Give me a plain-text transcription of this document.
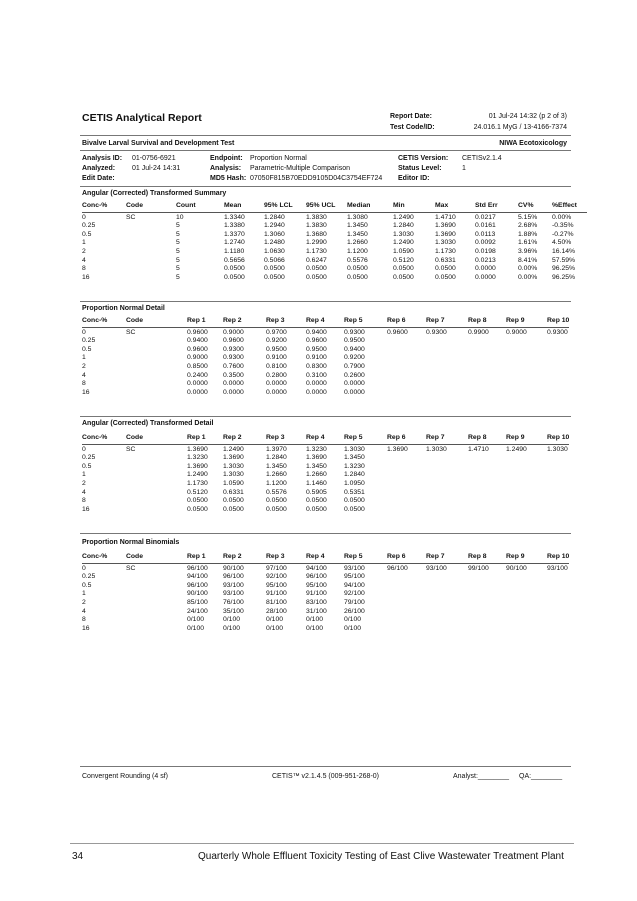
CETIS Analytical Report	Report Date:	01 Jul-24 14:32 (p 2 of 3)
Test Code/ID:	24.016.1 MyG / 13-4166-7374
Bivalve Larval Survival and Development Test	NIWA Ecotoxicology
Analysis ID: 01-0756-6921
Analyzed: 01 Jul-24 14:31
Edit Date:
Endpoint: Proportion Normal
Analysis: Parametric-Multiple Comparison
MD5 Hash: 07050F815B70EDD9105D04C3754EF724
CETIS Version: CETISv2.1.4
Status Level:	1
Editor ID:
Angular (Corrected) Transformed Summary
Conc-%	Code	Count	Mean	95% LCL	95% UCL	Median	Min	Max	Std Err	CV%	%Effect
0	SC	10	1.3340	1.2840	1.3830	1.3080	1.2490	1.4710	0.0217	5.15%	0.00%
0.25		5	1.3380	1.2940	1.3830	1.3450	1.2840	1.3690	0.0161	2.68%	-0.35%
0.5		5	1.3370	1.3060	1.3680	1.3450	1.3030	1.3690	0.0113	1.88%	-0.27%
1		5	1.2740	1.2480	1.2990	1.2660	1.2490	1.3030	0.0092	1.61%	4.50%
2		5	1.1180	1.0630	1.1730	1.1200	1.0590	1.1730	0.0198	3.96%	16.14%
4		5	0.5656	0.5066	0.6247	0.5576	0.5120	0.6331	0.0213	8.41%	57.59%
8		5	0.0500	0.0500	0.0500	0.0500	0.0500	0.0500	0.0000	0.00%	96.25%
16		5	0.0500	0.0500	0.0500	0.0500	0.0500	0.0500	0.0000	0.00%	96.25%
Proportion Normal Detail
Conc-%	Code	Rep 1	Rep 2	Rep 3	Rep 4	Rep 5	Rep 6	Rep 7	Rep 8	Rep 9	Rep 10
0	SC	0.9600	0.9000	0.9700	0.9400	0.9300	0.9600	0.9300	0.9900	0.9000	0.9300
0.25		0.9400	0.9600	0.9200	0.9600	0.9500					
0.5		0.9600	0.9300	0.9500	0.9500	0.9400					
1		0.9000	0.9300	0.9100	0.9100	0.9200					
2		0.8500	0.7600	0.8100	0.8300	0.7900					
4		0.2400	0.3500	0.2800	0.3100	0.2600					
8		0.0000	0.0000	0.0000	0.0000	0.0000					
16		0.0000	0.0000	0.0000	0.0000	0.0000					
Angular (Corrected) Transformed Detail
Conc-%	Code	Rep 1	Rep 2	Rep 3	Rep 4	Rep 5	Rep 6	Rep 7	Rep 8	Rep 9	Rep 10
0	SC	1.3690	1.2490	1.3970	1.3230	1.3030	1.3690	1.3030	1.4710	1.2490	1.3030
0.25		1.3230	1.3690	1.2840	1.3690	1.3450					
0.5		1.3690	1.3030	1.3450	1.3450	1.3230					
1		1.2490	1.3030	1.2660	1.2660	1.2840					
2		1.1730	1.0590	1.1200	1.1460	1.0950					
4		0.5120	0.6331	0.5576	0.5905	0.5351					
8		0.0500	0.0500	0.0500	0.0500	0.0500					
16		0.0500	0.0500	0.0500	0.0500	0.0500					
Proportion Normal Binomials
Conc-%	Code	Rep 1	Rep 2	Rep 3	Rep 4	Rep 5	Rep 6	Rep 7	Rep 8	Rep 9	Rep 10
0	SC	96/100	90/100	97/100	94/100	93/100	96/100	93/100	99/100	90/100	93/100
0.25		94/100	96/100	92/100	96/100	95/100					
0.5		96/100	93/100	95/100	95/100	94/100					
1		90/100	93/100	91/100	91/100	92/100					
2		85/100	76/100	81/100	83/100	79/100					
4		24/100	35/100	28/100	31/100	26/100					
8		0/100	0/100	0/100	0/100	0/100					
16		0/100	0/100	0/100	0/100	0/100					
Convergent Rounding (4 sf)	CETIS™ v2.1.4.5 (009-951-268-0)	Analyst:________ QA:________
34	Quarterly Whole Effluent Toxicity Testing of East Clive Wastewater Treatment Plant
